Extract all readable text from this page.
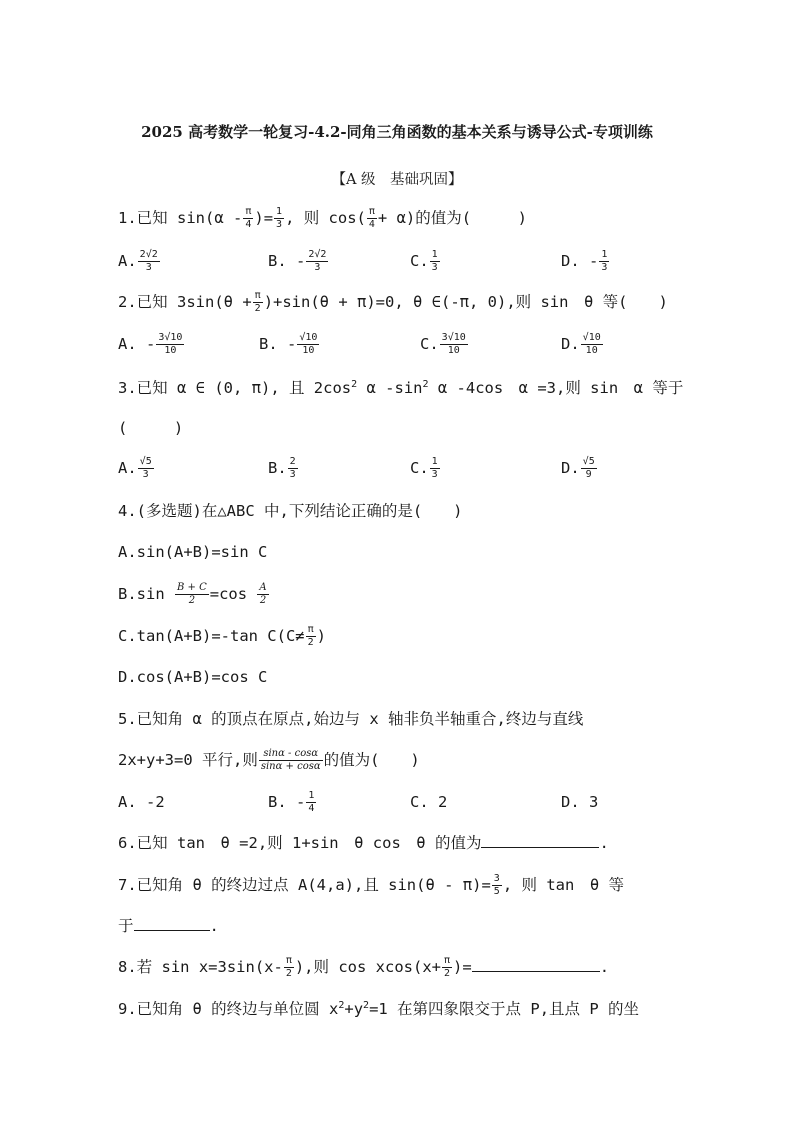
2025 高考数学一轮复习-4.2-同角三角函数的基本关系与诱导公式-专项训练
【A 级　基础巩固】
1.已知 $\sin(\alpha - \frac{\pi}{4}$ )= $\frac{1}{3}$ , 则 $\cos( \frac{\pi}{4} + \alpha)$的值为(　　　)
A. $\frac{2√2}{3}$	B. - $\frac{2√2}{3}$	C. $\frac{1}{3}$	D. - $\frac{1}{3}$
2.已知 $3\sin(\theta + \frac{\pi}{2} )+\sin(\theta + \pi)=0$, θ ∈(-π, 0),则 sin　θ 等(　　)
A. - $\frac{3√10}{10}$	B. - $\frac{√10}{10}$	C. $\frac{3√10}{10}$	D. $\frac{√10}{10}$
3.已知 α ∈ (0, π), 且 $2\cos^2$ α $-\sin^2$ α -4cos　α =3,则 sin　α 等于
(　　　)
A. $\frac{√5}{3}$	B. $\frac{2}{3}$	C. $\frac{1}{3}$	D. $\frac{√5}{9}$
4.(多选题)在△ABC 中,下列结论正确的是(　　)
A.sin(A+B)=sin C
$B.\sin \frac{B + C}{2} =\cos \frac{A}{2}$
C.tan(A+B)=-tan $C(C\ne \frac{\pi}{2}$ )
D.cos(A+B)=cos C
5.已知角 α 的顶点在原点,始边与 x 轴非负半轴重合,终边与直线
2x+y+3=0 平行,则 $\frac{\sin\alpha - \cos\alpha}{\sin\alpha + \cos\alpha}$ 的值为(　　)
A. -2	B. - $\frac{1}{4}$	C. 2	D. 3
6.已知 tan　θ =2,则 1+sin　θ cos　θ 的值为	.
7.已知角 θ 的终边过点 A(4,a),且 $\sin(\theta - \pi)= \frac{3}{5}$ , 则 tan　θ 等
于	.
8.若 $\sin x=3\sin(x- \frac{\pi}{2}$ ),则 $\cos xcos(x+ \frac{\pi}{2}$ )=	.
9.已知角 θ 的终边与单位圆 $x^2+y^2=1$ 在第四象限交于点 P,且点 P 的坐
